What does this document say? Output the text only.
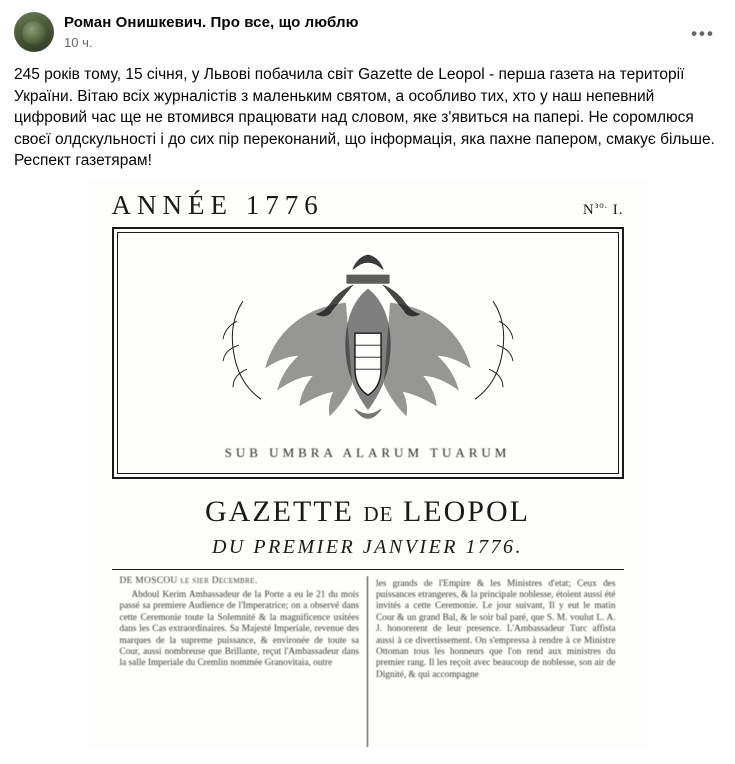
Роман Онишкевич. Про все, що люблю
10 ч.	•••
245 років тому, 15 січня, у Львові побачила світ Gazette de Leopol - перша газета на території України. Вітаю всіх журналістів з маленьким святом, а особливо тих, хто у наш непевний цифровий час ще не втомився працювати над словом, яке з'явиться на папері. Не соромлюся своєї олдскульності і до сих пір переконаний, що інформація, яка пахне папером, смакує більше. Респект газетярам!
ANNÉE 1776	$N^{зо.}$ I.
SUB UMBRA ALARUM TUARUM
GAZETTE DE LEOPOL
DU PREMIER JANVIER 1776.
DE MOSCOU le sier Decembre.

Abdoul Kerim Ambassadeur de la Porte a eu le 21 du mois passé sa premiere Audience de l'Imperatrice; on a observé dans cette Ceremonie toute la Solemnité & la magnificence usitées dans les Cas extraordinaires. Sa Majesté Imperiale, revenue des marques de la supreme puissance, & environée de toute sa Cour, aussi nombreuse que Brillante, reçut l'Ambassadeur dans la salle Imperiale du Cremlin nommée Granovitaia, outre

les grands de l'Empire & les Ministres d'etat; Ceux des puissances etrangeres, & la principale noblesse, étoient aussi été invités a cette Ceremonie. Le jour suivant, Il y eut le matin Cour & un grand Bal, & le soir bal paré, que S. M. voulut L. A. J. honorerent de leur presence. L'Ambassadeur Turc affista aussi à ce divertissement. On s'empressa à rendre à ce Ministre Ottoman tous les honneurs que l'on rend aux ministres du premier rang. Il les reçoit avec beaucoup de noblesse, son air de Dignité, & qui accompagne
